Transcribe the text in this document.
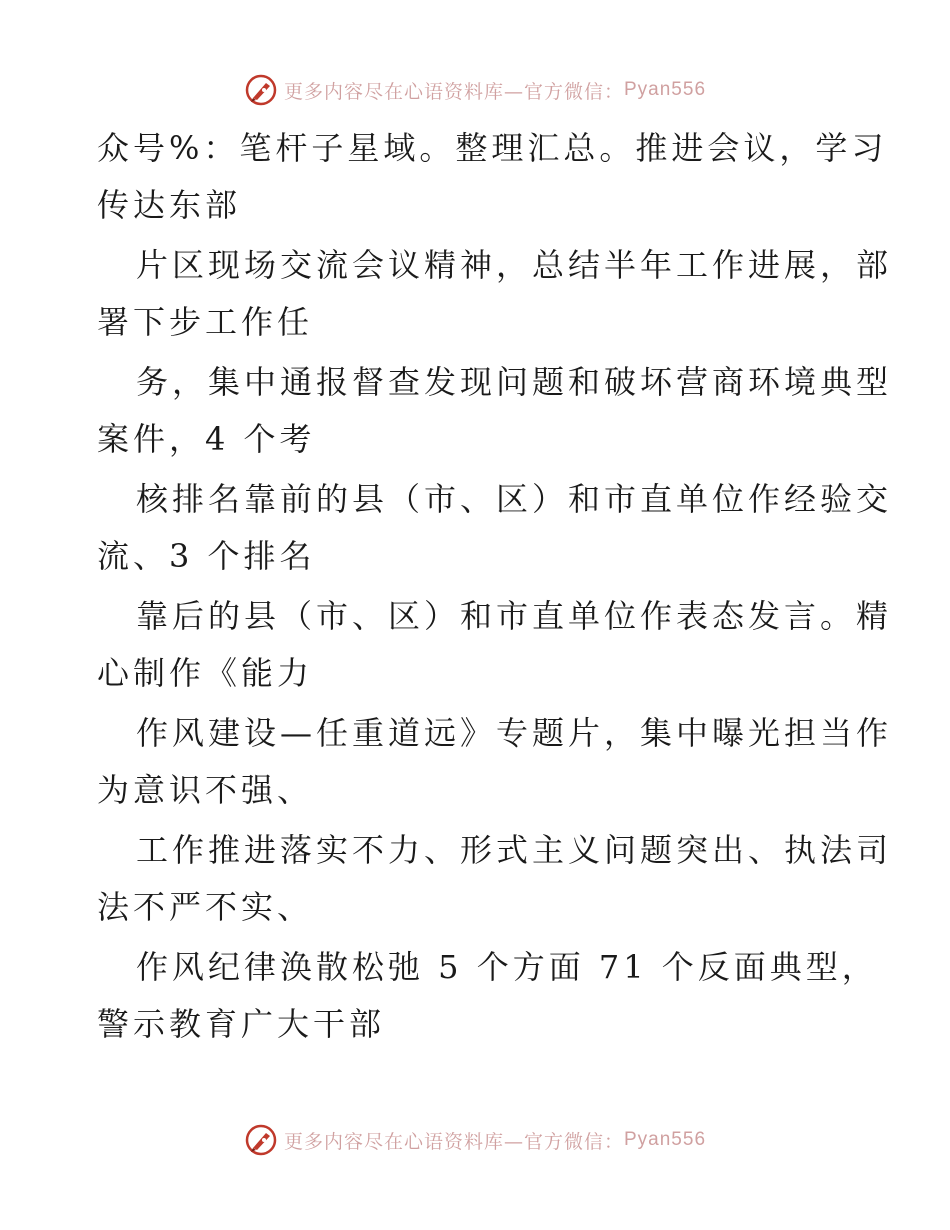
更多内容尽在心语资料库—官方微信： Pyan556
众号%：笔杆子星域。整理汇总。推进会议，学习
传达东部
片区现场交流会议精神，总结半年工作进展，部
署下步工作任
务，集中通报督查发现问题和破坏营商环境典型
案件，4 个考
核排名靠前的县（市、区）和市直单位作经验交
流、3 个排名
靠后的县（市、区）和市直单位作表态发言。精
心制作《能力
作风建设—任重道远》专题片，集中曝光担当作
为意识不强、
工作推进落实不力、形式主义问题突出、执法司
法不严不实、
作风纪律涣散松弛 5 个方面 71 个反面典型，
警示教育广大干部
更多内容尽在心语资料库—官方微信： Pyan556
